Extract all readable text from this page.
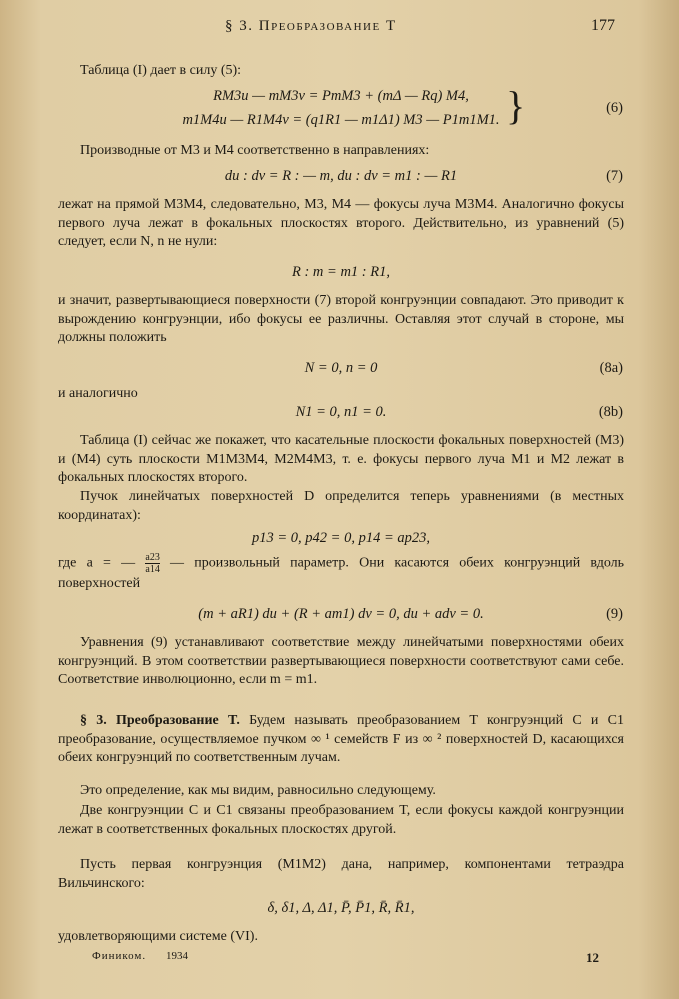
§ 3. Преобразование T	177

Таблица (I) дает в силу (5):

RM3u — mM3v = PmM3 + (mΔ — Rq) M4,

m1M4u — R1M4v = (q1R1 — m1Δ1) M3 — P1m1M1. }	(6)

Производные от M3 и M4 соответственно в направлениях:

du : dv = R : — m, du : dv = m1 : — R1	(7)

лежат на прямой M3M4, следовательно, M3, M4 — фокусы луча M3M4. Аналогично фокусы первого луча лежат в фокальных плоскостях второго. Действительно, из уравнений (5) следует, если N, n не нули:

R : m = m1 : R1,

и значит, развертывающиеся поверхности (7) второй конгруэнции совпадают. Это приводит к вырождению конгруэнции, ибо фокусы ее различны. Оставляя этот случай в стороне, мы должны положить

N = 0, n = 0	(8a)

и аналогично

N1 = 0, n1 = 0.	(8b)

Таблица (I) сейчас же покажет, что касательные плоскости фокальных поверхностей (M3) и (M4) суть плоскости M1M3M4, M2M4M3, т. е. фокусы первого луча M1 и M2 лежат в фокальных плоскостях второго.

Пучок линейчатых поверхностей D определится теперь уравнениями (в местных координатах):

p13 = 0, p42 = 0, p14 = ap23,

где a = — $\frac{a23}{a14}$ — произвольный параметр. Они касаются обеих конгруэнций вдоль поверхностей

(m + aR1) du + (R + am1) dv = 0, du + adv = 0.	(9)

Уравнения (9) устанавливают соответствие между линейчатыми поверхностями обеих конгруэнций. В этом соответствии развертывающиеся поверхности соответствуют сами себе. Соответствие инволюционно, если m = m1.

§ 3. Преобразование T. Будем называть преобразованием T конгруэнций C и C1 преобразование, осуществляемое пучком ∞ ¹ семейств F из ∞ ² поверхностей D, касающихся обеих конгруэнций по соответственным лучам.

Это определение, как мы видим, равносильно следующему.

Две конгруэнции C и C1 связаны преобразованием T, если фокусы каждой конгруэнции лежат в соответственных фокальных плоскостях другой.

Пусть первая конгруэнция (M1M2) дана, например, компонентами тетраэдра Вильчинского:

δ, δ1, Δ, Δ1, P̄, P̄1, R̄, R̄1,

удовлетворяющими системе (VI).

Фиником. 1934	12
